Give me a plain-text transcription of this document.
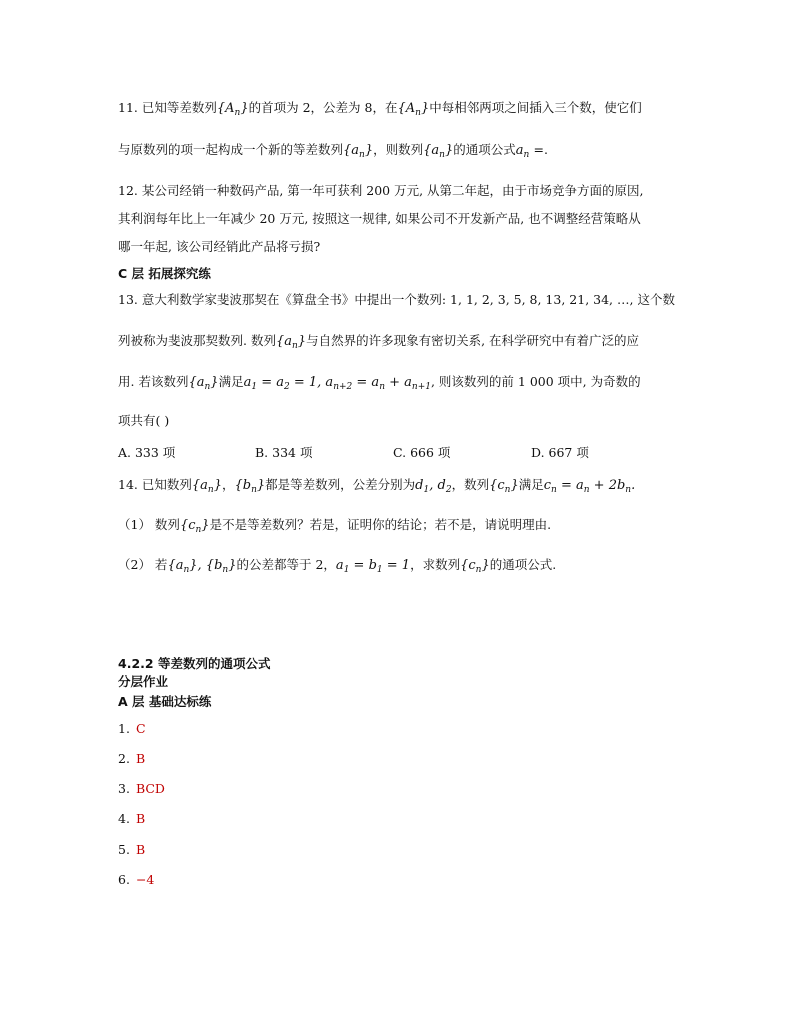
11. 已知等差数列$\{A_n\}$的首项为 2，公差为 8，在$\{A_n\}$中每相邻两项之间插入三个数，使它们
与原数列的项一起构成一个新的等差数列$\{a_n\}$，则数列$\{a_n\}$的通项公式$a_n$ =.
12. 某公司经销一种数码产品, 第一年可获利 200 万元, 从第二年起，由于市场竞争方面的原因,
其利润每年比上一年减少 20 万元, 按照这一规律, 如果公司不开发新产品, 也不调整经营策略从
哪一年起, 该公司经销此产品将亏损?
C 层 拓展探究练
13. 意大利数学家斐波那契在《算盘全书》中提出一个数列: 1, 1, 2, 3, 5, 8, 13, 21, 34, …, 这个数
列被称为斐波那契数列. 数列$\{a_n\}$与自然界的许多现象有密切关系, 在科学研究中有着广泛的应
用. 若该数列$\{a_n\}$满足$a_1 = a_2 = 1$, $a_{n+2} = a_n + a_{n+1}$, 则该数列的前 1 000 项中, 为奇数的
项共有( )
A. 333 项	B. 334 项	C. 666 项	D. 667 项
14. 已知数列$\{a_n\}$，$\{b_n\}$都是等差数列，公差分别为$d_1$, $d_2$，数列$\{c_n\}$满足$c_n = a_n + 2b_n$.
（1） 数列$\{c_n\}$是不是等差数列？若是，证明你的结论；若不是，请说明理由.
（2） 若$\{a_n\}$, $\{b_n\}$的公差都等于 2，$a_1 = b_1 = 1$，求数列$\{c_n\}$的通项公式.
4.2.2 等差数列的通项公式
分层作业
A 层 基础达标练
1. C
2. B
3. BCD
4. B
5. B
6. −4
